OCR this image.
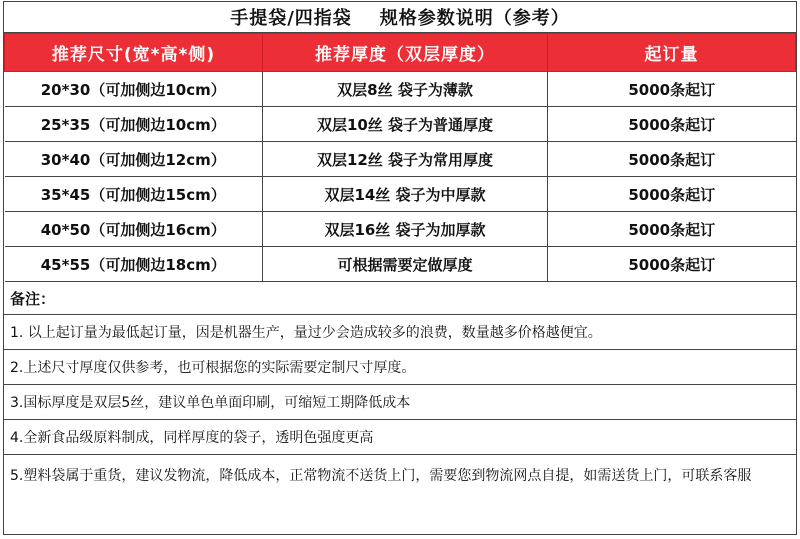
手提袋/四指袋 规格参数说明（参考）
推荐尺寸(宽*高*侧)	推荐厚度（双层厚度）	起订量
20*30（可加侧边10cm）	双层8丝 袋子为薄款	5000条起订
25*35（可加侧边10cm）	双层10丝 袋子为普通厚度	5000条起订
30*40（可加侧边12cm）	双层12丝 袋子为常用厚度	5000条起订
35*45（可加侧边15cm）	双层14丝 袋子为中厚款	5000条起订
40*50（可加侧边16cm）	双层16丝 袋子为加厚款	5000条起订
45*55（可加侧边18cm）	可根据需要定做厚度	5000条起订
备注：
1. 以上起订量为最低起订量，因是机器生产，量过少会造成较多的浪费，数量越多价格越便宜。
2.上述尺寸厚度仅供参考，也可根据您的实际需要定制尺寸厚度。
3.国标厚度是双层5丝，建议单色单面印刷，可缩短工期降低成本
4.全新食品级原料制成，同样厚度的袋子，透明色强度更高
5.塑料袋属于重货，建议发物流，降低成本，正常物流不送货上门，需要您到物流网点自提，如需送货上门，可联系客服
